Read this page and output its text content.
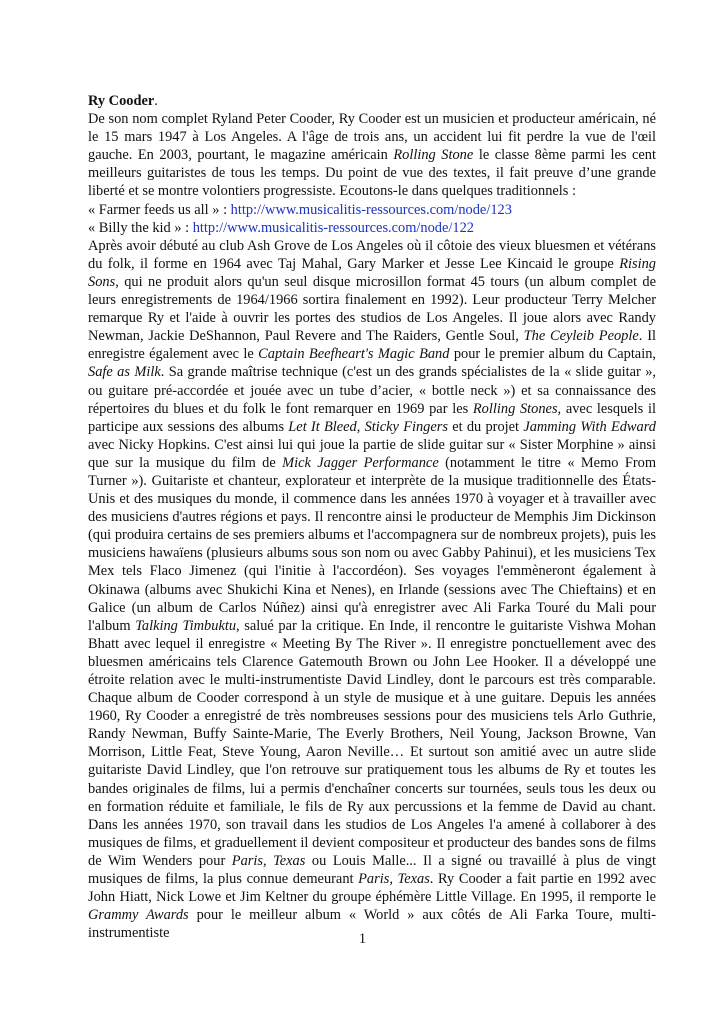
Ry Cooder.

De son nom complet Ryland Peter Cooder, Ry Cooder est un musicien et producteur américain, né le 15 mars 1947 à Los Angeles. A l'âge de trois ans, un accident lui fit perdre la vue de l'œil gauche. En 2003, pourtant, le magazine américain Rolling Stone le classe 8ème parmi les cent meilleurs guitaristes de tous les temps. Du point de vue des textes, il fait preuve d’une grande liberté et se montre volontiers progressiste. Ecoutons-le dans quelques traditionnels :

« Farmer feeds us all » : http://www.musicalitis-ressources.com/node/123

« Billy the kid » : http://www.musicalitis-ressources.com/node/122

Après avoir débuté au club Ash Grove de Los Angeles où il côtoie des vieux bluesmen et vétérans du folk, il forme en 1964 avec Taj Mahal, Gary Marker et Jesse Lee Kincaid le groupe Rising Sons, qui ne produit alors qu'un seul disque microsillon format 45 tours (un album complet de leurs enregistrements de 1964/1966 sortira finalement en 1992). Leur producteur Terry Melcher remarque Ry et l'aide à ouvrir les portes des studios de Los Angeles. Il joue alors avec Randy Newman, Jackie DeShannon, Paul Revere and The Raiders, Gentle Soul, The Ceyleib People. Il enregistre également avec le Captain Beefheart's Magic Band pour le premier album du Captain, Safe as Milk. Sa grande maîtrise technique (c'est un des grands spécialistes de la « slide guitar », ou guitare pré-accordée et jouée avec un tube d’acier, « bottle neck ») et sa connaissance des répertoires du blues et du folk le font remarquer en 1969 par les Rolling Stones, avec lesquels il participe aux sessions des albums Let It Bleed, Sticky Fingers et du projet Jamming With Edward avec Nicky Hopkins. C'est ainsi lui qui joue la partie de slide guitar sur « Sister Morphine » ainsi que sur la musique du film de Mick Jagger Performance (notamment le titre « Memo From Turner »). Guitariste et chanteur, explorateur et interprète de la musique traditionnelle des États-Unis et des musiques du monde, il commence dans les années 1970 à voyager et à travailler avec des musiciens d'autres régions et pays. Il rencontre ainsi le producteur de Memphis Jim Dickinson (qui produira certains de ses premiers albums et l'accompagnera sur de nombreux projets), puis les musiciens hawaïens (plusieurs albums sous son nom ou avec Gabby Pahinui), et les musiciens Tex Mex tels Flaco Jimenez (qui l'initie à l'accordéon). Ses voyages l'emmèneront également à Okinawa (albums avec Shukichi Kina et Nenes), en Irlande (sessions avec The Chieftains) et en Galice (un album de Carlos Núñez) ainsi qu'à enregistrer avec Ali Farka Touré du Mali pour l'album Talking Timbuktu, salué par la critique. En Inde, il rencontre le guitariste Vishwa Mohan Bhatt avec lequel il enregistre « Meeting By The River ». Il enregistre ponctuellement avec des bluesmen américains tels Clarence Gatemouth Brown ou John Lee Hooker. Il a développé une étroite relation avec le multi-instrumentiste David Lindley, dont le parcours est très comparable. Chaque album de Cooder correspond à un style de musique et à une guitare. Depuis les années 1960, Ry Cooder a enregistré de très nombreuses sessions pour des musiciens tels Arlo Guthrie, Randy Newman, Buffy Sainte-Marie, The Everly Brothers, Neil Young, Jackson Browne, Van Morrison, Little Feat, Steve Young, Aaron Neville… Et surtout son amitié avec un autre slide guitariste David Lindley, que l'on retrouve sur pratiquement tous les albums de Ry et toutes les bandes originales de films, lui a permis d'enchaîner concerts sur tournées, seuls tous les deux ou en formation réduite et familiale, le fils de Ry aux percussions et la femme de David au chant. Dans les années 1970, son travail dans les studios de Los Angeles l'a amené à collaborer à des musiques de films, et graduellement il devient compositeur et producteur des bandes sons de films de Wim Wenders pour Paris, Texas ou Louis Malle... Il a signé ou travaillé à plus de vingt musiques de films, la plus connue demeurant Paris, Texas. Ry Cooder a fait partie en 1992 avec John Hiatt, Nick Lowe et Jim Keltner du groupe éphémère Little Village. En 1995, il remporte le Grammy Awards pour le meilleur album « World » aux côtés de Ali Farka Toure, multi-instrumentiste	1
